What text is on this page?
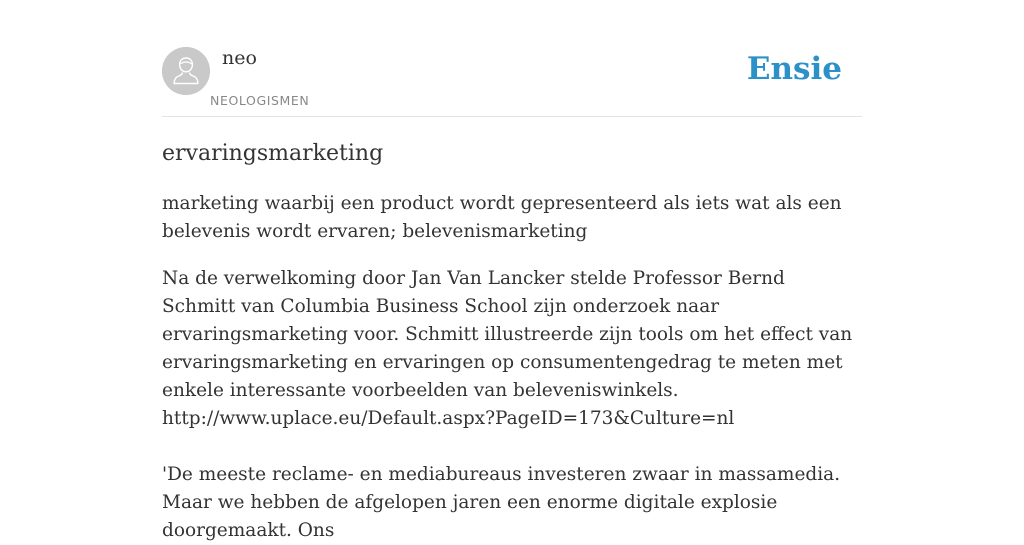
neo
NEOLOGISMEN
Ensie
ervaringsmarketing

marketing waarbij een product wordt gepresenteerd als iets wat als een belevenis wordt ervaren; belevenismarketing

Na de verwelkoming door Jan Van Lancker stelde Professor Bernd Schmitt van Columbia Business School zijn onderzoek naar ervaringsmarketing voor. Schmitt illustreerde zijn tools om het effect van ervaringsmarketing en ervaringen op consumentengedrag te meten met enkele interessante voorbeelden van beleveniswinkels.
http://www.uplace.eu/Default.aspx?PageID=173&Culture=nl
'De meeste reclame- en mediabureaus investeren zwaar in massamedia. Maar we hebben de afgelopen jaren een enorme digitale explosie doorgemaakt. Ons
